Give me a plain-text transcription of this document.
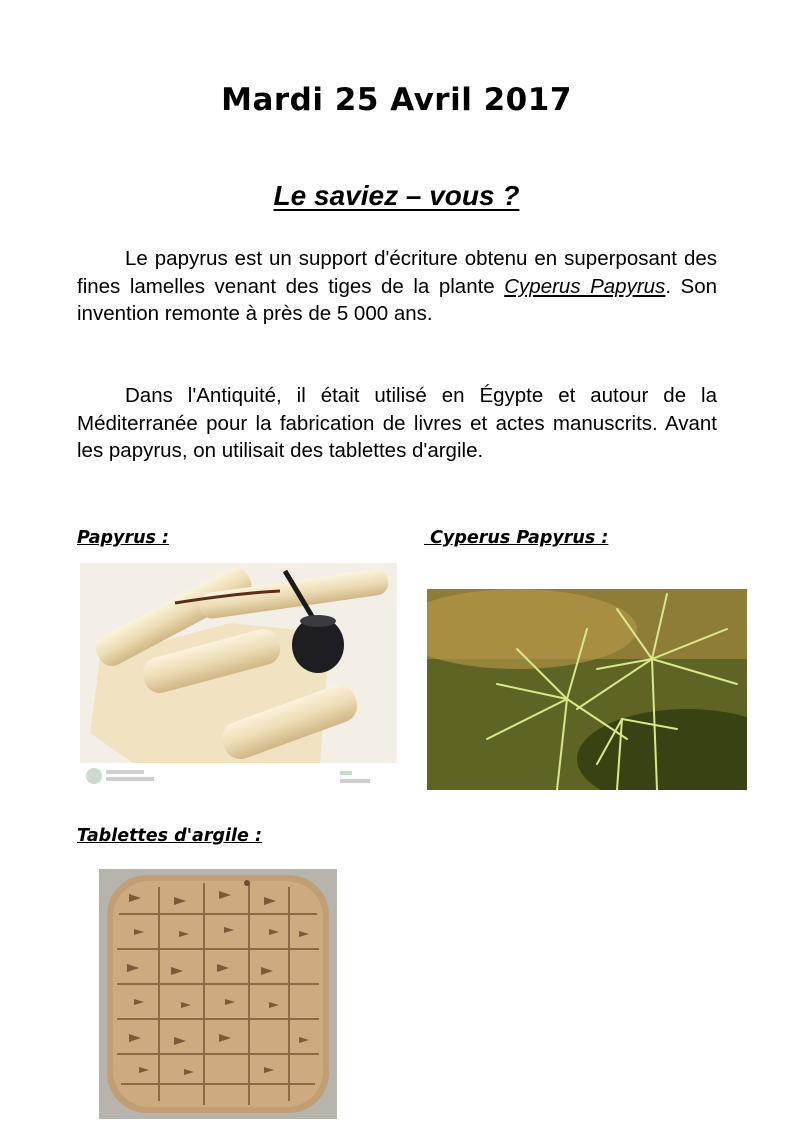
Mardi 25 Avril 2017
Le saviez – vous ?

Le papyrus est un support d'écriture obtenu en superposant des fines lamelles venant des tiges de la plante Cyperus Papyrus. Son invention remonte à près de 5 000 ans.

Dans l'Antiquité, il était utilisé en Égypte et autour de la Méditerranée pour la fabrication de livres et actes manuscrits. Avant les papyrus, on utilisait des tablettes d'argile.

Papyrus :	Cyperus Papyrus :
Tablettes d'argile :
